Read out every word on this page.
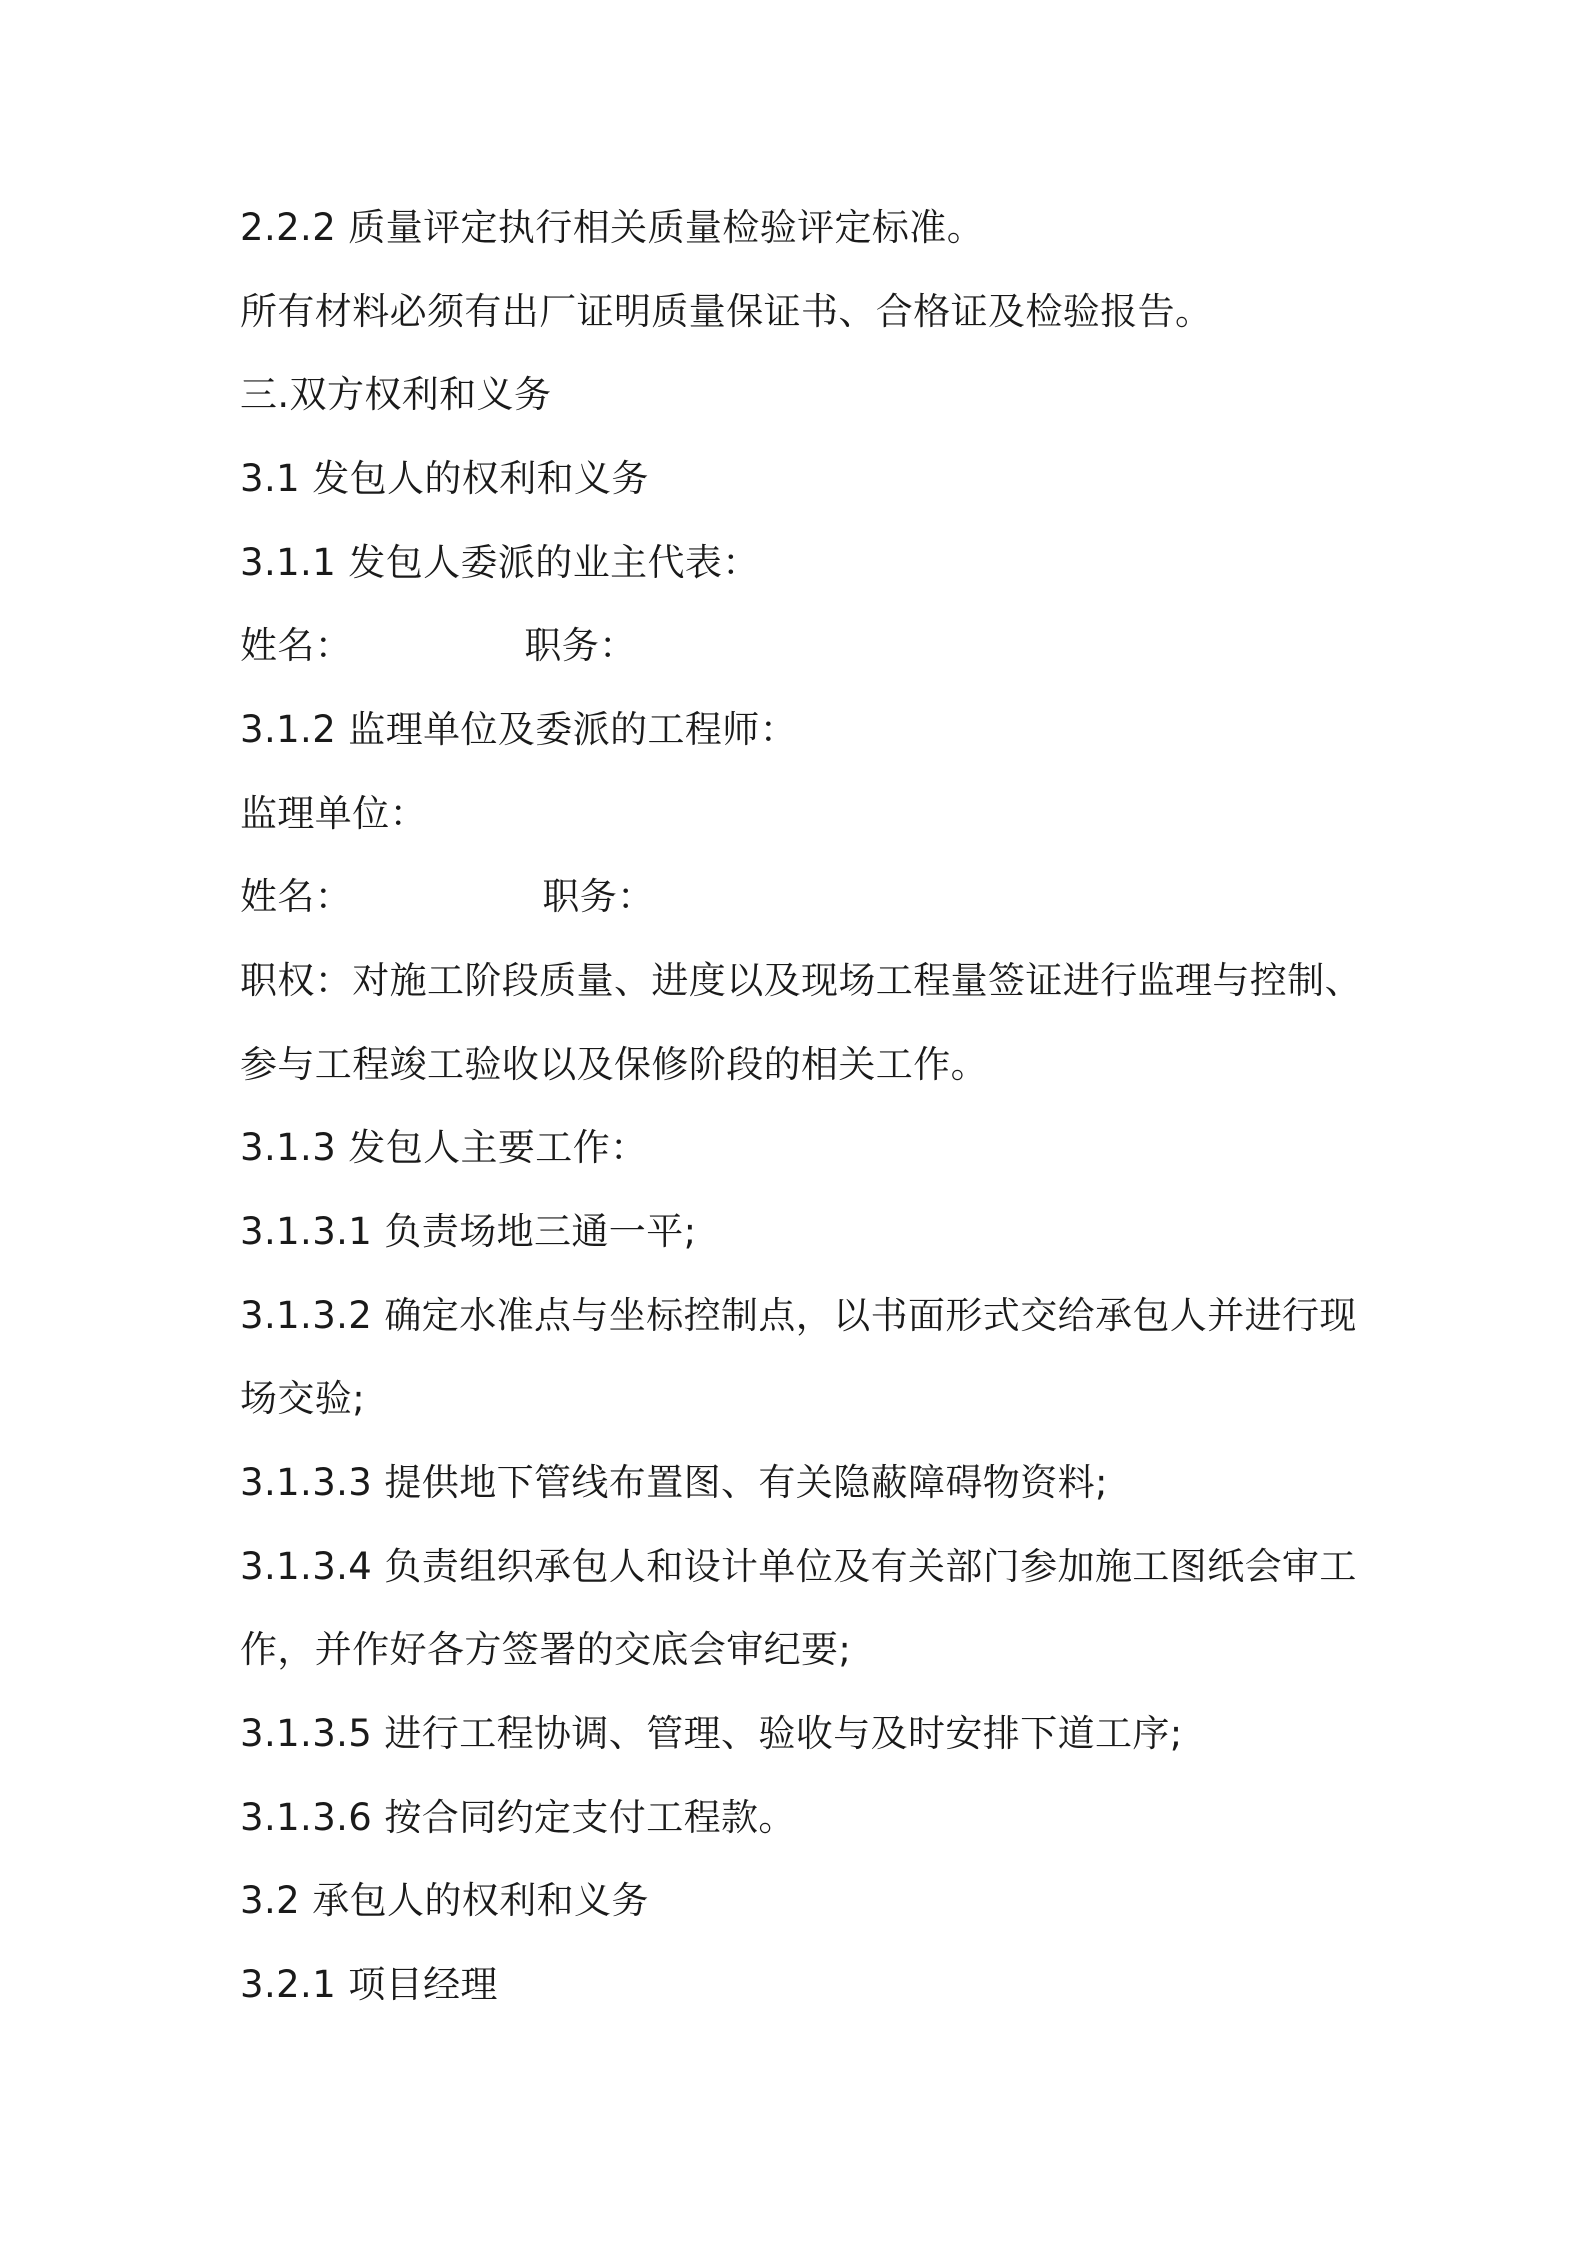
2.2.2 质量评定执行相关质量检验评定标准。
所有材料必须有出厂证明质量保证书、合格证及检验报告。
三.双方权利和义务
3.1 发包人的权利和义务
3.1.1 发包人委派的业主代表：
姓名：	职务：
3.1.2 监理单位及委派的工程师：
监理单位：
姓名：	职务：
职权：对施工阶段质量、进度以及现场工程量签证进行监理与控制、
参与工程竣工验收以及保修阶段的相关工作。
3.1.3 发包人主要工作：
3.1.3.1 负责场地三通一平;
3.1.3.2 确定水准点与坐标控制点，以书面形式交给承包人并进行现
场交验;
3.1.3.3 提供地下管线布置图、有关隐蔽障碍物资料;
3.1.3.4 负责组织承包人和设计单位及有关部门参加施工图纸会审工
作，并作好各方签署的交底会审纪要;
3.1.3.5 进行工程协调、管理、验收与及时安排下道工序;
3.1.3.6 按合同约定支付工程款。
3.2 承包人的权利和义务
3.2.1 项目经理
